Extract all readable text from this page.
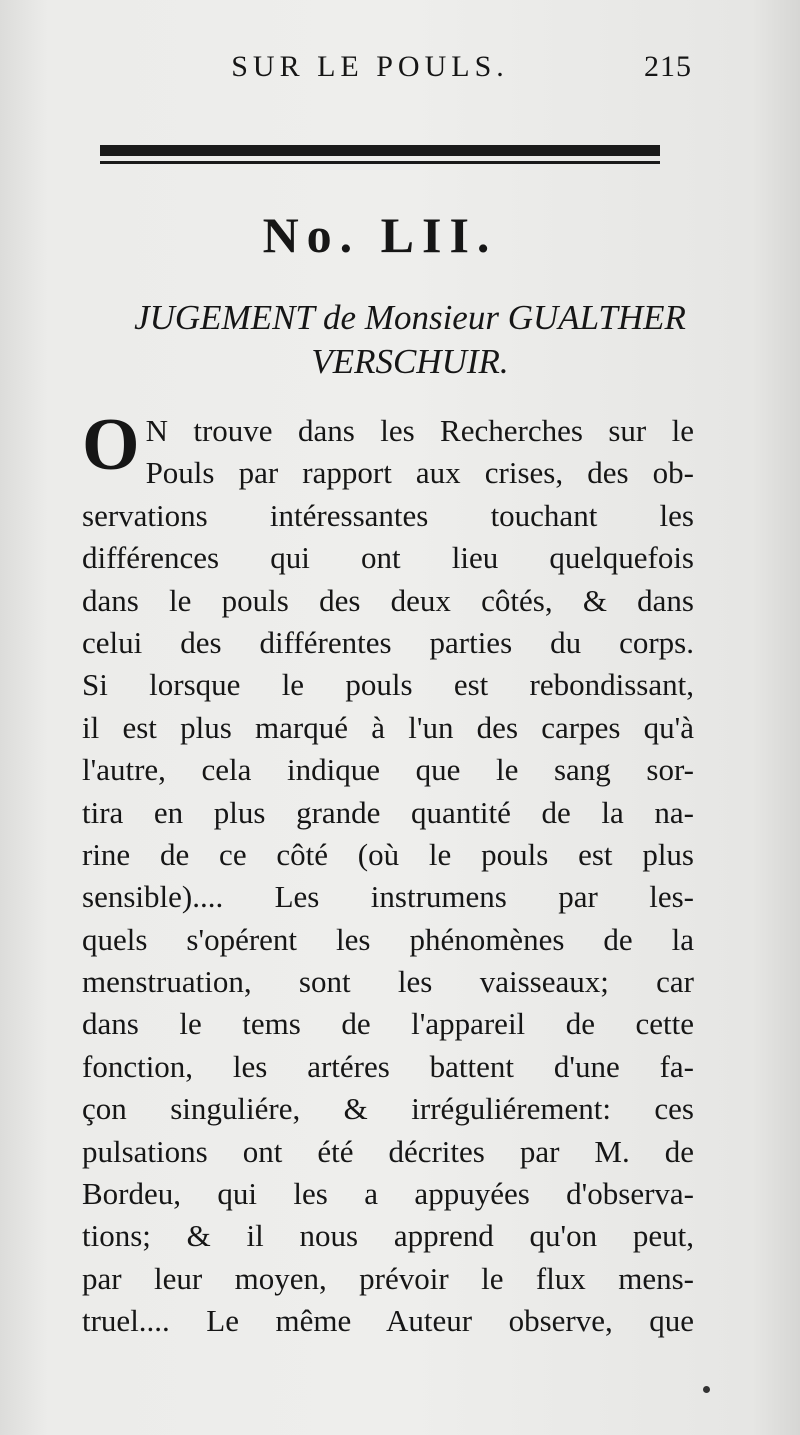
SUR LE POULS.	215
No. LII.
JUGEMENT de Monsieur GUALTHER
VERSCHUIR.
O N trouve dans les Recherches sur le
Pouls par rapport aux crises, des ob-
servations intéressantes touchant les
différences qui ont lieu quelquefois
dans le pouls des deux côtés, & dans
celui des différentes parties du corps.
Si lorsque le pouls est rebondissant,
il est plus marqué à l'un des carpes qu'à
l'autre, cela indique que le sang sor-
tira en plus grande quantité de la na-
rine de ce côté (où le pouls est plus
sensible).... Les instrumens par les-
quels s'opérent les phénomènes de la
menstruation, sont les vaisseaux; car
dans le tems de l'appareil de cette
fonction, les artéres battent d'une fa-
çon singuliére, & irréguliérement: ces
pulsations ont été décrites par M. de
Bordeu, qui les a appuyées d'observa-
tions; & il nous apprend qu'on peut,
par leur moyen, prévoir le flux mens-
truel.... Le même Auteur observe, que
